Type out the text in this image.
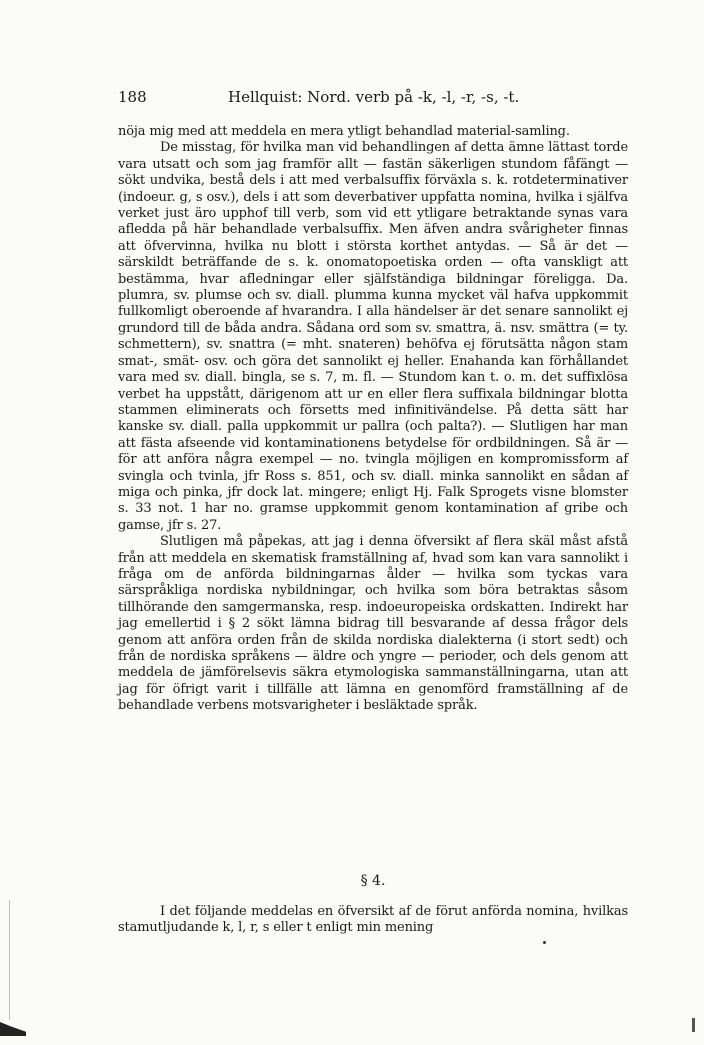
188	Hellquist: Nord. verb på -k, -l, -r, -s, -t.

nöja mig med att meddela en mera ytligt behandlad material-samling.

De misstag, för hvilka man vid behandlingen af detta ämne lättast torde vara utsatt och som jag framför allt — fastän säkerligen stundom fåfängt — sökt undvika, bestå dels i att med verbalsuffix förväxla s. k. rotdeterminativer (indoeur. g, s osv.), dels i att som deverbativer uppfatta nomina, hvilka i själfva verket just äro upphof till verb, som vid ett ytligare betraktande synas vara afledda på här behandlade verbalsuffix. Men äfven andra svårigheter finnas att öfvervinna, hvilka nu blott i största korthet antydas. — Så är det — särskildt beträffande de s. k. onomatopoetiska orden — ofta vanskligt att bestämma, hvar afledningar eller själfständiga bildningar föreligga. Da. plumra, sv. plumse och sv. diall. plumma kunna mycket väl hafva uppkommit fullkomligt oberoende af hvarandra. I alla händelser är det senare sannolikt ej grundord till de båda andra. Sådana ord som sv. smattra, ä. nsv. smättra (= ty. schmettern), sv. snattra (= mht. snateren) behöfva ej förutsätta någon stam smat-, smät- osv. och göra det sannolikt ej heller. Enahanda kan förhållandet vara med sv. diall. bingla, se s. 7, m. fl. — Stundom kan t. o. m. det suffixlösa verbet ha uppstått, därigenom att ur en eller flera suffixala bildningar blotta stammen eliminerats och försetts med infinitivändelse. På detta sätt har kanske sv. diall. palla uppkommit ur pallra (och palta?). — Slutligen har man att fästa afseende vid kontaminationens betydelse för ordbildningen. Så är — för att anföra några exempel — no. tvingla möjligen en kompromissform af svingla och tvinla, jfr Ross s. 851, och sv. diall. minka sannolikt en sådan af miga och pinka, jfr dock lat. mingere; enligt Hj. Falk Sprogets visne blomster s. 33 not. 1 har no. gramse uppkommit genom kontamination af gribe och gamse, jfr s. 27.

Slutligen må påpekas, att jag i denna öfversikt af flera skäl måst afstå från att meddela en skematisk framställning af, hvad som kan vara sannolikt i fråga om de anförda bildningarnas ålder — hvilka som tyckas vara särspråkliga nordiska nybildningar, och hvilka som böra betraktas såsom tillhörande den samgermanska, resp. indoeuropeiska ordskatten. Indirekt har jag emellertid i § 2 sökt lämna bidrag till besvarande af dessa frågor dels genom att anföra orden från de skilda nordiska dialekterna (i stort sedt) och från de nordiska språkens — äldre och yngre — perioder, och dels genom att meddela de jämförelsevis säkra etymologiska sammanställningarna, utan att jag för öfrigt varit i tillfälle att lämna en genomförd framställning af de behandlade verbens motsvarigheter i besläktade språk.

§ 4.

I det följande meddelas en öfversikt af de förut anförda nomina, hvilkas stamutljudande k, l, r, s eller t enligt min mening
